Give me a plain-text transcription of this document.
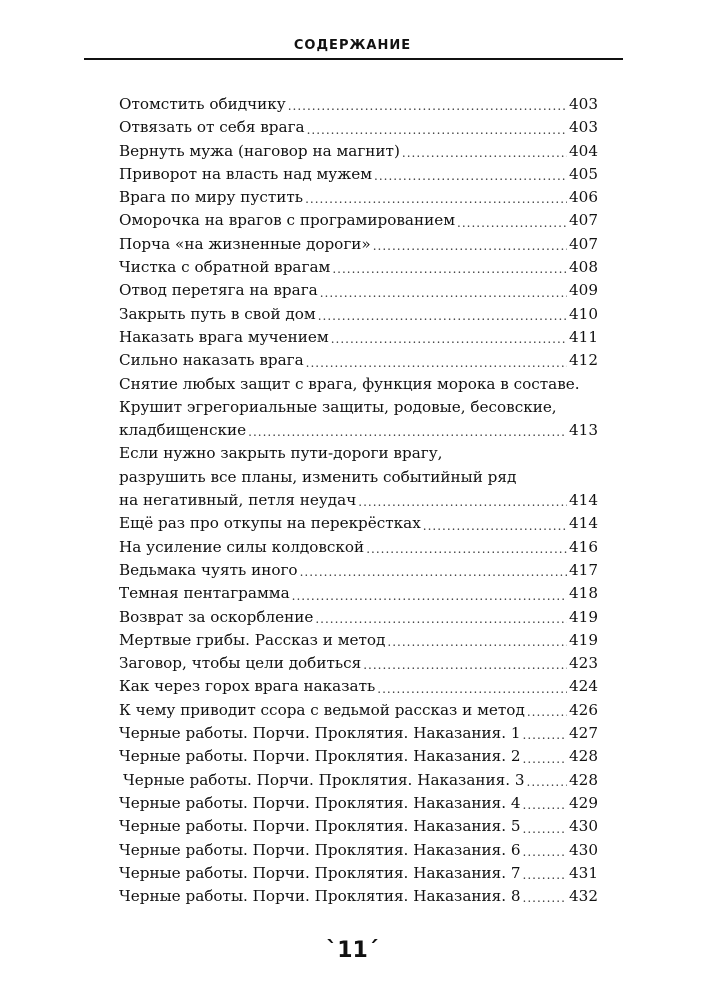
СОДЕРЖАНИЕ
Отомстить обидчику .....	403
Отвязать от себя врага .....	403
Вернуть мужа (наговор на магнит) .....	404
Приворот на власть над мужем .....	405
Врага по миру пустить .....	406
Оморочка на врагов с програмированием .....	407
Порча «на жизненные дороги» .....	407
Чистка с обратной врагам .....	408
Отвод перетяга на врага .....	409
Закрыть путь в свой дом .....	410
Наказать врага мучением .....	411
Сильно наказать врага .....	412
Снятие любых защит с врага, функция морока в составе.
Крушит эгрегориальные защиты, родовые, бесовские,
кладбищенские .....	413
Если нужно закрыть пути-дороги врагу,
разрушить все планы, изменить событийный ряд
на негативный, петля неудач .....	414
Ещё раз про откупы на перекрёстках .....	414
На усиление силы колдовской .....	416
Ведьмака чуять иного .....	417
Темная пентаграмма .....	418
Возврат за оскорбление .....	419
Мертвые грибы. Рассказ и метод .....	419
Заговор, чтобы цели добиться .....	423
Как через горох врага наказать .....	424
К чему приводит ссора с ведьмой рассказ и метод .....	426
Черные работы. Порчи. Проклятия. Наказания. 1 .....	427
Черные работы. Порчи. Проклятия. Наказания. 2 .....	428
Черные работы. Порчи. Проклятия. Наказания. 3 .....	428
Черные работы. Порчи. Проклятия. Наказания. 4 .....	429
Черные работы. Порчи. Проклятия. Наказания. 5 .....	430
Черные работы. Порчи. Проклятия. Наказания. 6 .....	430
Черные работы. Порчи. Проклятия. Наказания. 7 .....	431
Черные работы. Порчи. Проклятия. Наказания. 8 .....	432
`11´
